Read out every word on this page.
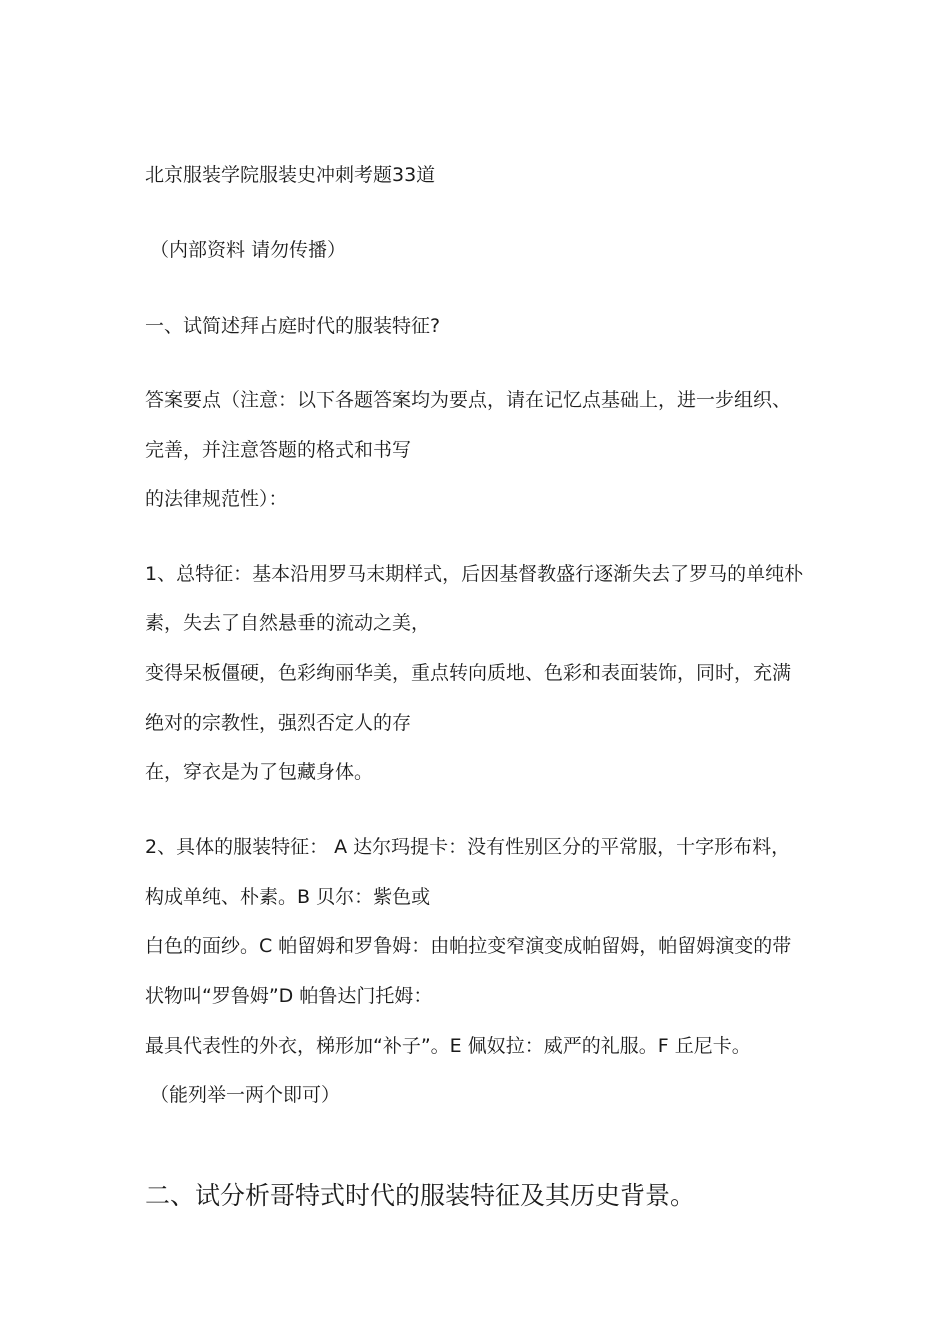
北京服装学院服装史冲刺考题33道
（内部资料 请勿传播）
一、试简述拜占庭时代的服装特征?
答案要点（注意：以下各题答案均为要点，请在记忆点基础上，进一步组织、
完善，并注意答题的格式和书写
的法律规范性）：
1、总特征：基本沿用罗马末期样式，后因基督教盛行逐渐失去了罗马的单纯朴
素，失去了自然悬垂的流动之美，
变得呆板僵硬，色彩绚丽华美，重点转向质地、色彩和表面装饰，同时，充满
绝对的宗教性，强烈否定人的存
在，穿衣是为了包藏身体。
2、具体的服装特征： A 达尔玛提卡：没有性别区分的平常服，十字形布料，
构成单纯、朴素。B 贝尔：紫色或
白色的面纱。C 帕留姆和罗鲁姆：由帕拉变窄演变成帕留姆，帕留姆演变的带
状物叫“罗鲁姆”D 帕鲁达门托姆：
最具代表性的外衣，梯形加“补子”。E 佩奴拉：威严的礼服。F 丘尼卡。
（能列举一两个即可）
二、试分析哥特式时代的服装特征及其历史背景。
